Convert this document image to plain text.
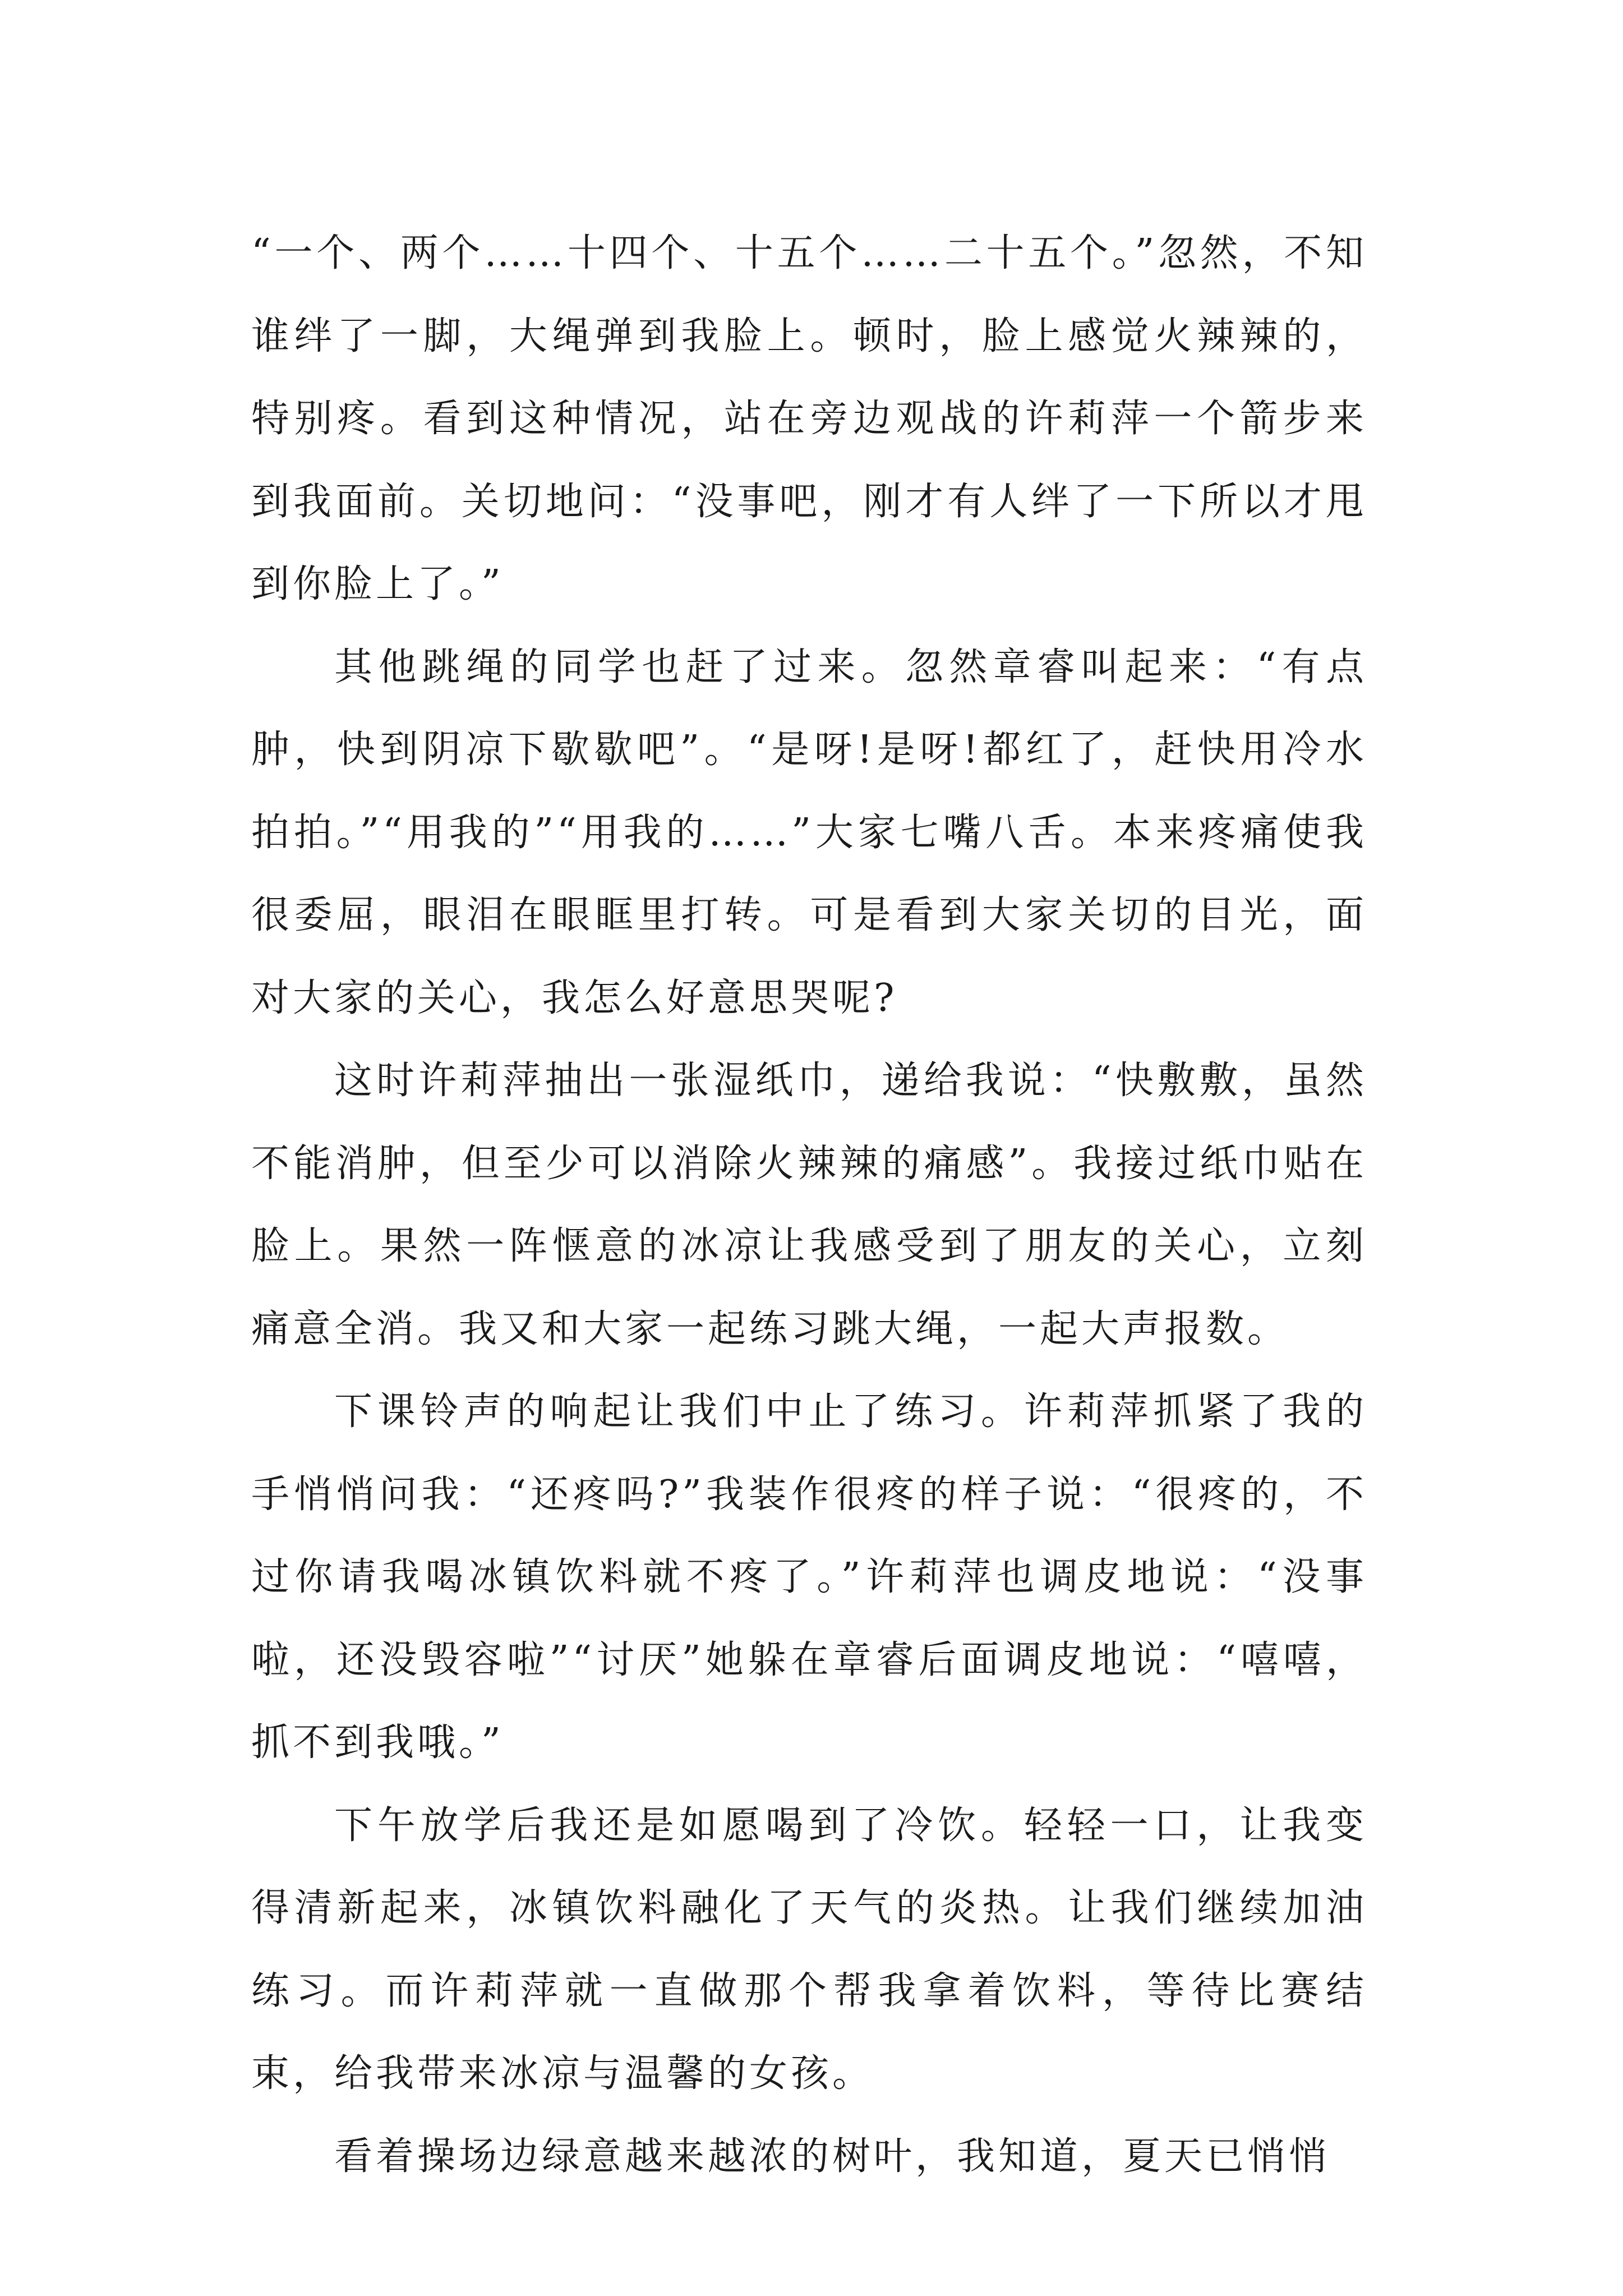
“一个、两个……十四个、十五个……二十五个。”忽然，不知谁绊了一脚，大绳弹到我脸上。顿时，脸上感觉火辣辣的，特别疼。看到这种情况，站在旁边观战的许莉萍一个箭步来到我面前。关切地问：“没事吧，刚才有人绊了一下所以才甩到你脸上了。”

其他跳绳的同学也赶了过来。忽然章睿叫起来：“有点肿，快到阴凉下歇歇吧”。“是呀!是呀!都红了，赶快用冷水拍拍。”“用我的”“用我的……”大家七嘴八舌。本来疼痛使我很委屈，眼泪在眼眶里打转。可是看到大家关切的目光，面对大家的关心，我怎么好意思哭呢?

这时许莉萍抽出一张湿纸巾，递给我说：“快敷敷，虽然不能消肿，但至少可以消除火辣辣的痛感”。我接过纸巾贴在脸上。果然一阵惬意的冰凉让我感受到了朋友的关心，立刻痛意全消。我又和大家一起练习跳大绳，一起大声报数。

下课铃声的响起让我们中止了练习。许莉萍抓紧了我的手悄悄问我：“还疼吗?”我装作很疼的样子说：“很疼的，不过你请我喝冰镇饮料就不疼了。”许莉萍也调皮地说：“没事啦，还没毁容啦”“讨厌”她躲在章睿后面调皮地说：“嘻嘻，抓不到我哦。”

下午放学后我还是如愿喝到了冷饮。轻轻一口，让我变得清新起来，冰镇饮料融化了天气的炎热。让我们继续加油练习。而许莉萍就一直做那个帮我拿着饮料，等待比赛结束，给我带来冰凉与温馨的女孩。

看着操场边绿意越来越浓的树叶，我知道，夏天已悄悄
